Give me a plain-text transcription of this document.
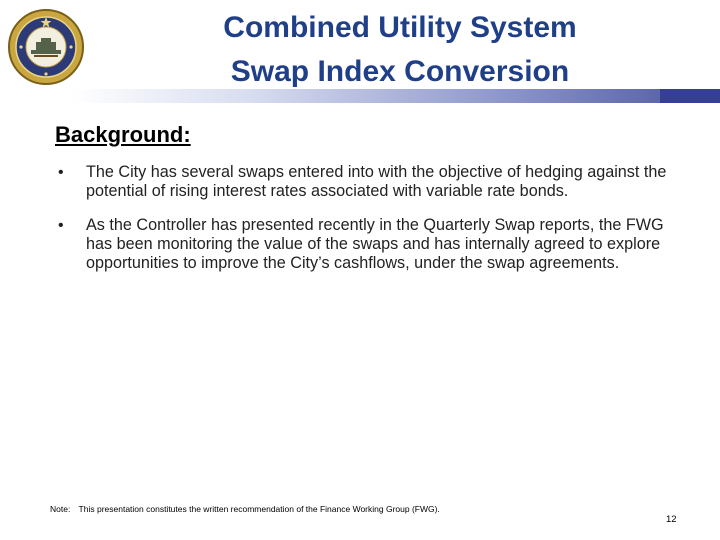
Combined Utility System
Swap Index Conversion
Background:
•	The City has several swaps entered into with the objective of hedging against the potential of rising interest rates associated with variable rate bonds.
•	As the Controller has presented recently in the Quarterly Swap reports, the FWG has been monitoring the value of the swaps and has internally agreed to explore opportunities to improve the City’s cashflows, under the swap agreements.
Note: This presentation constitutes the written recommendation of the Finance Working Group (FWG).
12
